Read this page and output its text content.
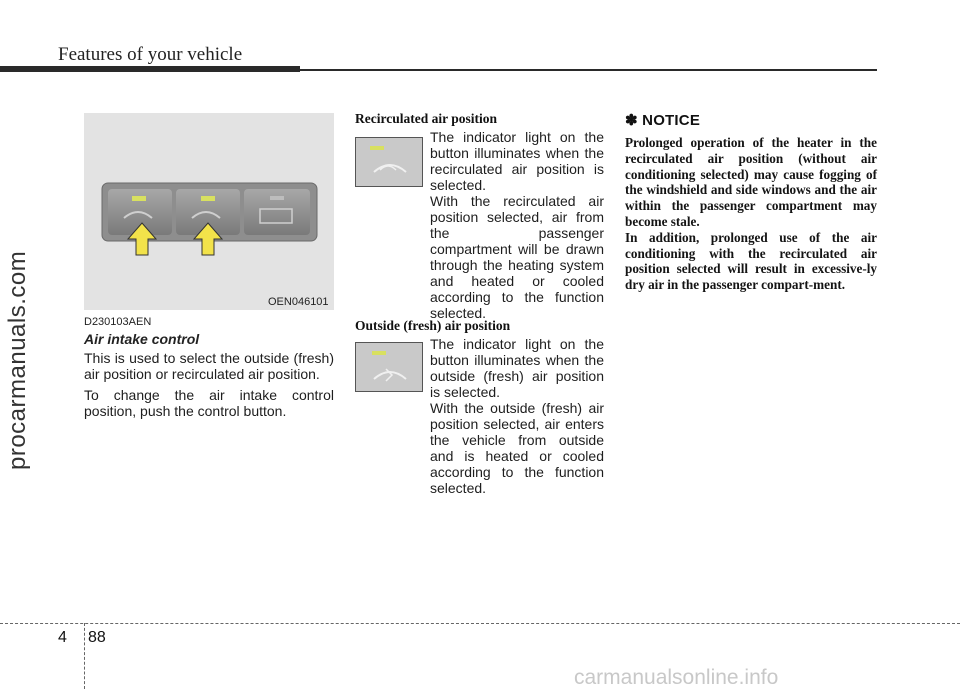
Features of your vehicle
procarmanuals.com	OEN046101
D230103AEN
Air intake control
This is used to select the outside (fresh) air position or recirculated air position.
To change the air intake control position, push the control button.
Recirculated air position
The indicator light on the button illuminates when the recirculated air position is selected.
With the recirculated air position selected, air from the passenger compartment will be drawn through the heating system and heated or cooled according to the function selected.
Outside (fresh) air position
The indicator light on the button illuminates when the outside (fresh) air position is selected.
With the outside (fresh) air position selected, air enters the vehicle from outside and is heated or cooled according to the function selected.
✽ NOTICE
Prolonged operation of the heater in the recirculated air position (without air conditioning selected) may cause fogging of the windshield and side windows and the air within the passenger compartment may become stale.
In addition, prolonged use of the air conditioning with the recirculated air position selected will result in excessive-ly dry air in the passenger compart-ment.
4 88
carmanualsonline.info
